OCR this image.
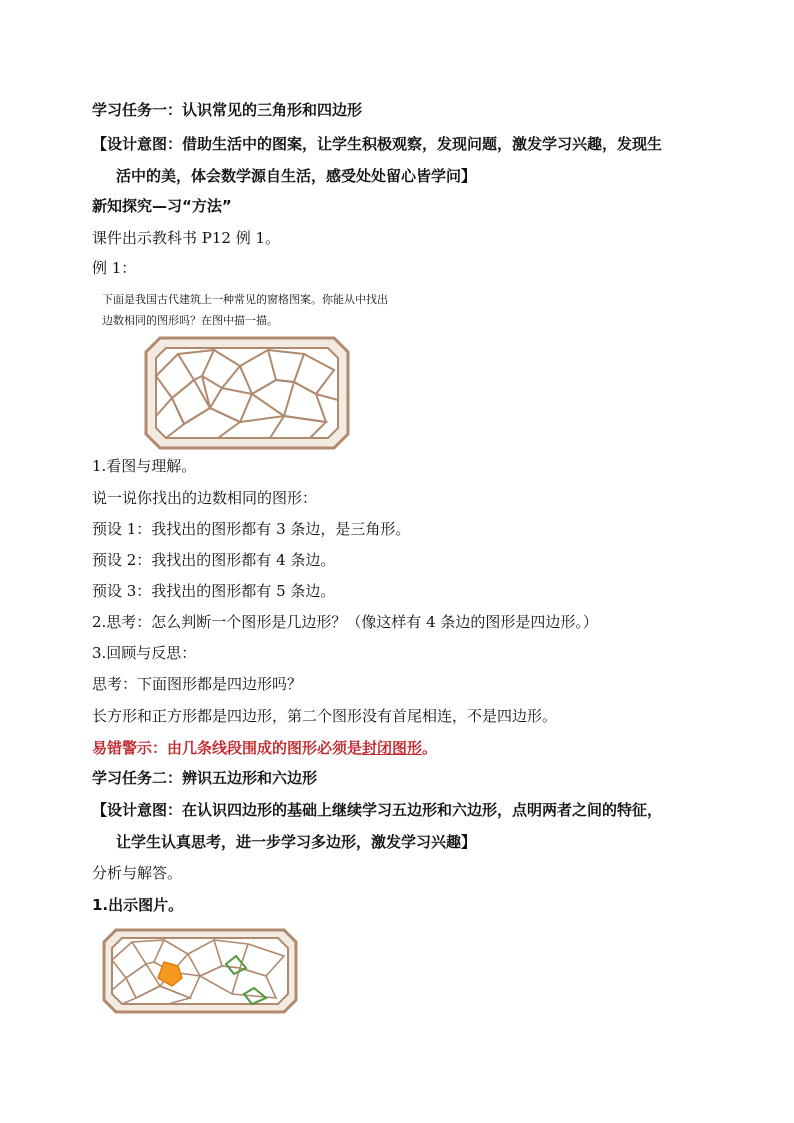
学习任务一：认识常见的三角形和四边形
【设计意图：借助生活中的图案，让学生积极观察，发现问题，激发学习兴趣，发现生
活中的美，体会数学源自生活，感受处处留心皆学问】
新知探究—习“方法”
课件出示教科书 P12 例 1。
例 1：
下面是我国古代建筑上一种常见的窗格图案。你能从中找出
边数相同的图形吗？在图中描一描。
1.看图与理解。
说一说你找出的边数相同的图形：
预设 1：我找出的图形都有 3 条边，是三角形。
预设 2：我找出的图形都有 4 条边。
预设 3：我找出的图形都有 5 条边。
2.思考：怎么判断一个图形是几边形？（像这样有 4 条边的图形是四边形。）
3.回顾与反思：
思考：下面图形都是四边形吗？
长方形和正方形都是四边形，第二个图形没有首尾相连，不是四边形。
易错警示：由几条线段围成的图形必须是封闭图形。
学习任务二：辨识五边形和六边形
【设计意图：在认识四边形的基础上继续学习五边形和六边形，点明两者之间的特征，
让学生认真思考，进一步学习多边形，激发学习兴趣】
分析与解答。
1.出示图片。
